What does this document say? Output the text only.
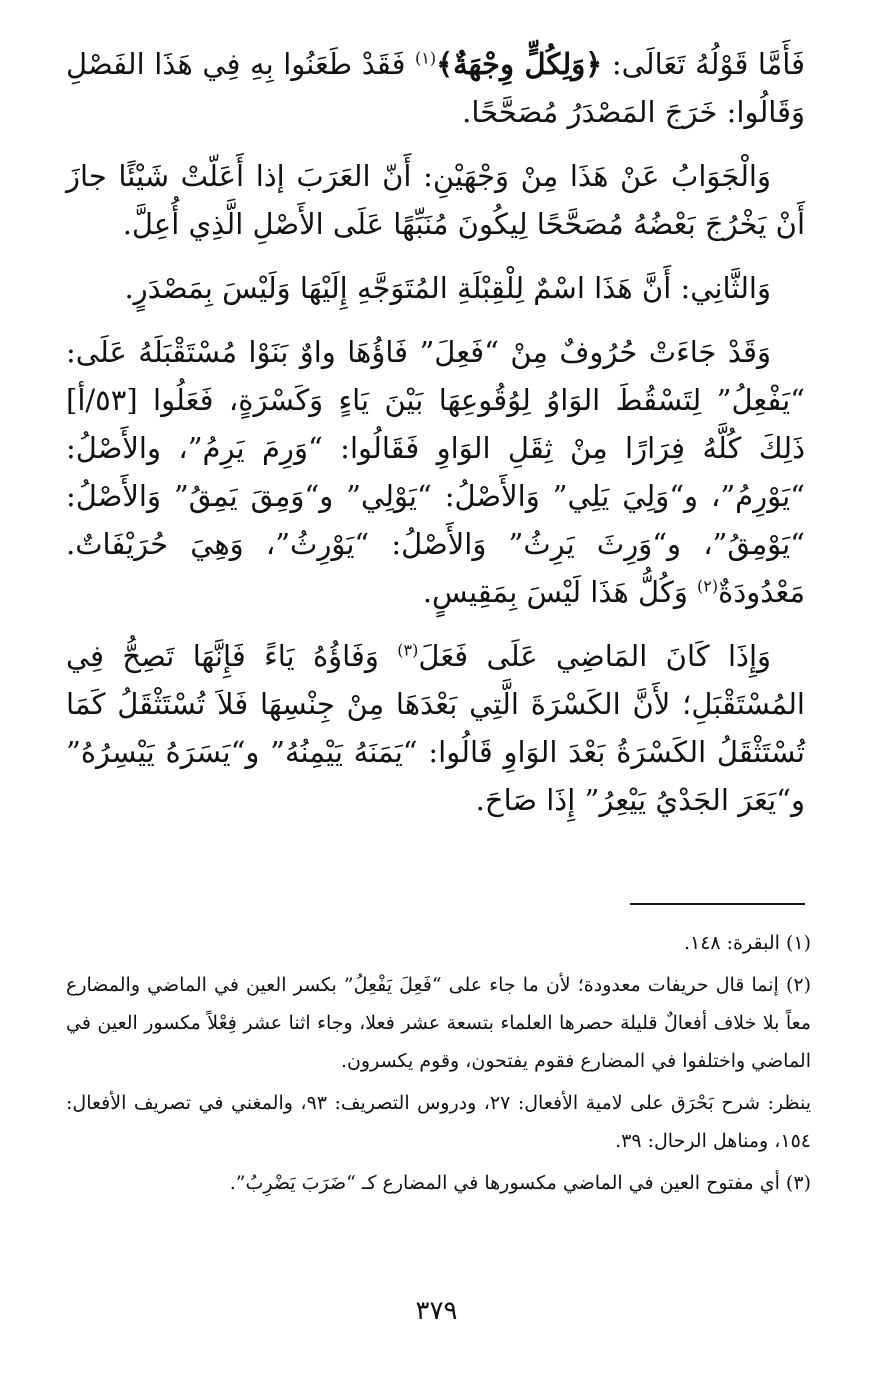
فَأَمَّا قَوْلُهُ تَعَالَى: ﴿وَلِكُلٍّ وِجْهَةٌ﴾$^{(١)}$ فَقَدْ طَعَنُوا بِهِ فِي هَذَا الفَصْلِ وَقَالُوا: خَرَجَ المَصْدَرُ مُصَحَّحًا.

وَالْجَوَابُ عَنْ هَذَا مِنْ وَجْهَيْنِ: أَنّ العَرَبَ إذا أَعَلّتْ شَيْئًا جازَ أَنْ يَخْرُجَ بَعْضُهُ مُصَحَّحًا لِيكُونَ مُنَبِّهًا عَلَى الأَصْلِ الَّذِي أُعِلَّ.

وَالثَّانِي: أَنَّ هَذَا اسْمٌ لِلْقِبْلَةِ المُتَوَجَّهِ إِلَيْهَا وَلَيْسَ بِمَصْدَرٍ.

وَقَدْ جَاءَتْ حُرُوفٌ مِنْ “فَعِلَ” فَاؤُهَا واوٌ بَنَوْا مُسْتَقْبَلَهُ عَلَى: “يَفْعِلُ” لِتَسْقُطَ الوَاوُ لِوُقُوعِهَا بَيْنَ يَاءٍ وَكَسْرَةٍ، فَعَلُوا [٥٣/أ] ذَلِكَ كُلَّهُ فِرَارًا مِنْ ثِقَلِ الوَاوِ فَقَالُوا: “وَرِمَ يَرِمُ”، والأَصْلُ: “يَوْرِمُ”، و“وَلِيَ يَلِي” وَالأَصْلُ: “يَوْلِي” و“وَمِقَ يَمِقُ” وَالأَصْلُ: “يَوْمِقُ”، و“وَرِثَ يَرِثُ” وَالأَصْلُ: “يَوْرِثُ”، وَهِيَ حُرَيْفَاتٌ. مَعْدُودَةٌ$^{(٢)}$ وَكُلُّ هَذَا لَيْسَ بِمَقِيسٍ.

وَإِذَا كَانَ المَاضِي عَلَى فَعَلَ$^{(٣)}$ وَفَاؤُهُ يَاءً فَإِنَّهَا تَصِحُّ فِي المُسْتَقْبَلِ؛ لأَنَّ الكَسْرَةَ الَّتِي بَعْدَهَا مِنْ جِنْسِهَا فَلاَ تُسْتَثْقَلُ كَمَا تُسْتَثْقَلُ الكَسْرَةُ بَعْدَ الوَاوِ قَالُوا: “يَمَنَهُ يَيْمِنُهُ” و“يَسَرَهُ يَيْسِرُهُ” و“يَعَرَ الجَدْيُ يَيْعِرُ” إِذَا صَاحَ.

(١) البقرة: ١٤٨.

(٢) إنما قال حريفات معدودة؛ لأن ما جاء على “فَعِلَ يَفْعِلُ” بكسر العين في الماضي والمضارع معاً بلا خلاف أفعالٌ قليلة حصرها العلماء بتسعة عشر فعلا، وجاء اثنا عشر فِعْلاً مكسور العين في الماضي واختلفوا في المضارع فقوم يفتحون، وقوم يكسرون.

ينظر: شرح بَحْرَق على لامية الأفعال: ٢٧، ودروس التصريف: ٩٣، والمغني في تصريف الأفعال: ١٥٤، ومناهل الرحال: ٣٩.

(٣) أي مفتوح العين في الماضي مكسورها في المضارع كـ “ضَرَبَ يَضْرِبُ”.

٣٧٩
